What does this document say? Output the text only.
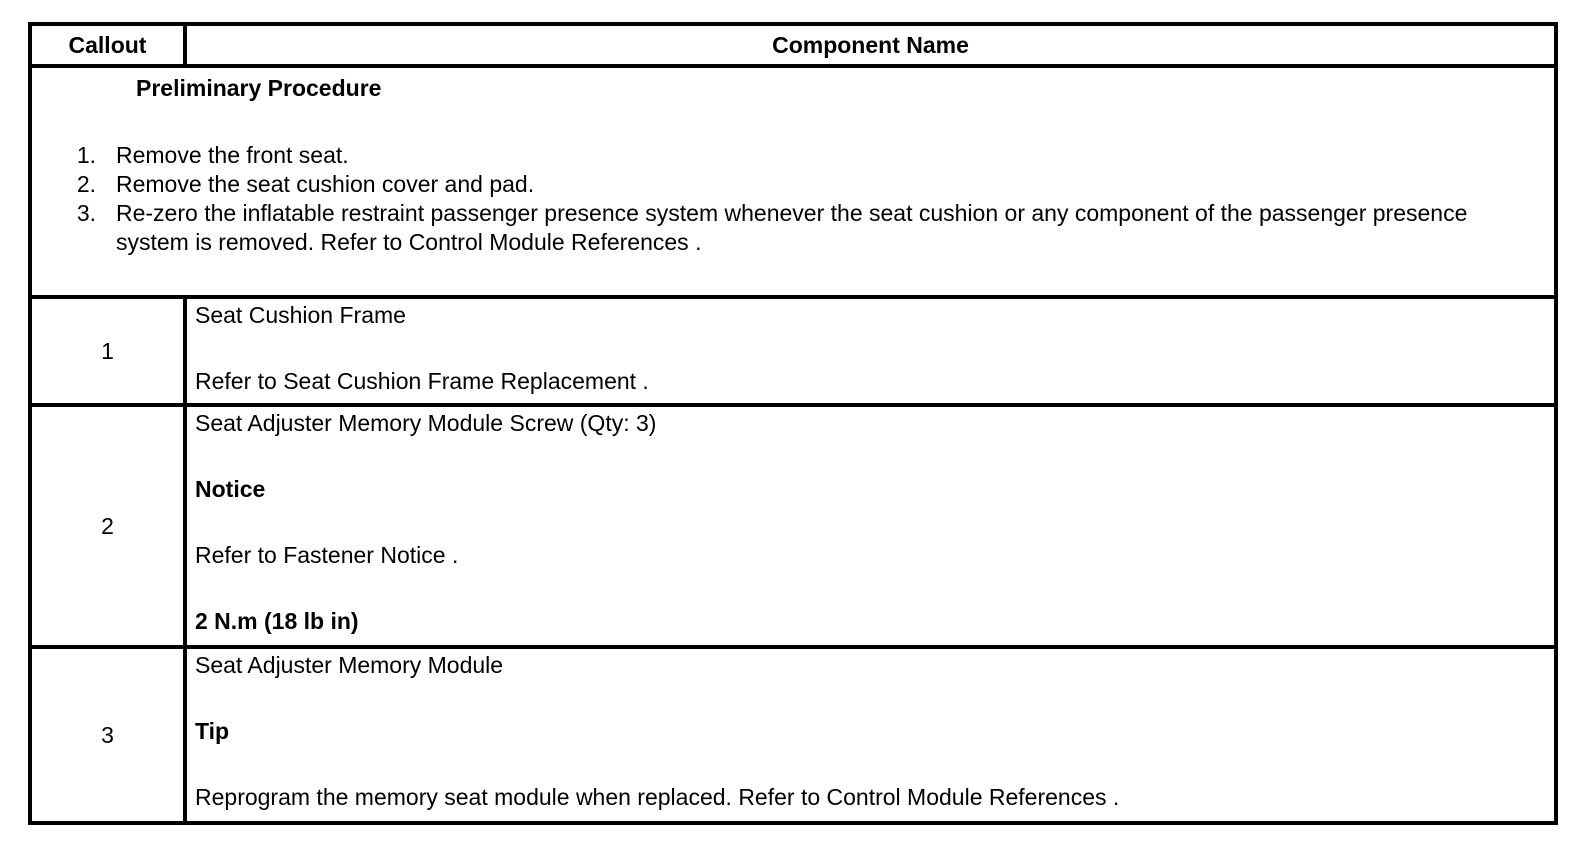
Callout	Component Name
Preliminary Procedure
1. Remove the front seat.
2. Remove the seat cushion cover and pad.
3. Re-zero the inflatable restraint passenger presence system whenever the seat cushion or any component of the passenger presence system is removed. Refer to Control Module References .
1
Seat Cushion Frame
Refer to Seat Cushion Frame Replacement .
2
Seat Adjuster Memory Module Screw (Qty: 3)
Notice
Refer to Fastener Notice .
2 N.m (18 lb in)
3
Seat Adjuster Memory Module
Tip
Reprogram the memory seat module when replaced. Refer to Control Module References .
